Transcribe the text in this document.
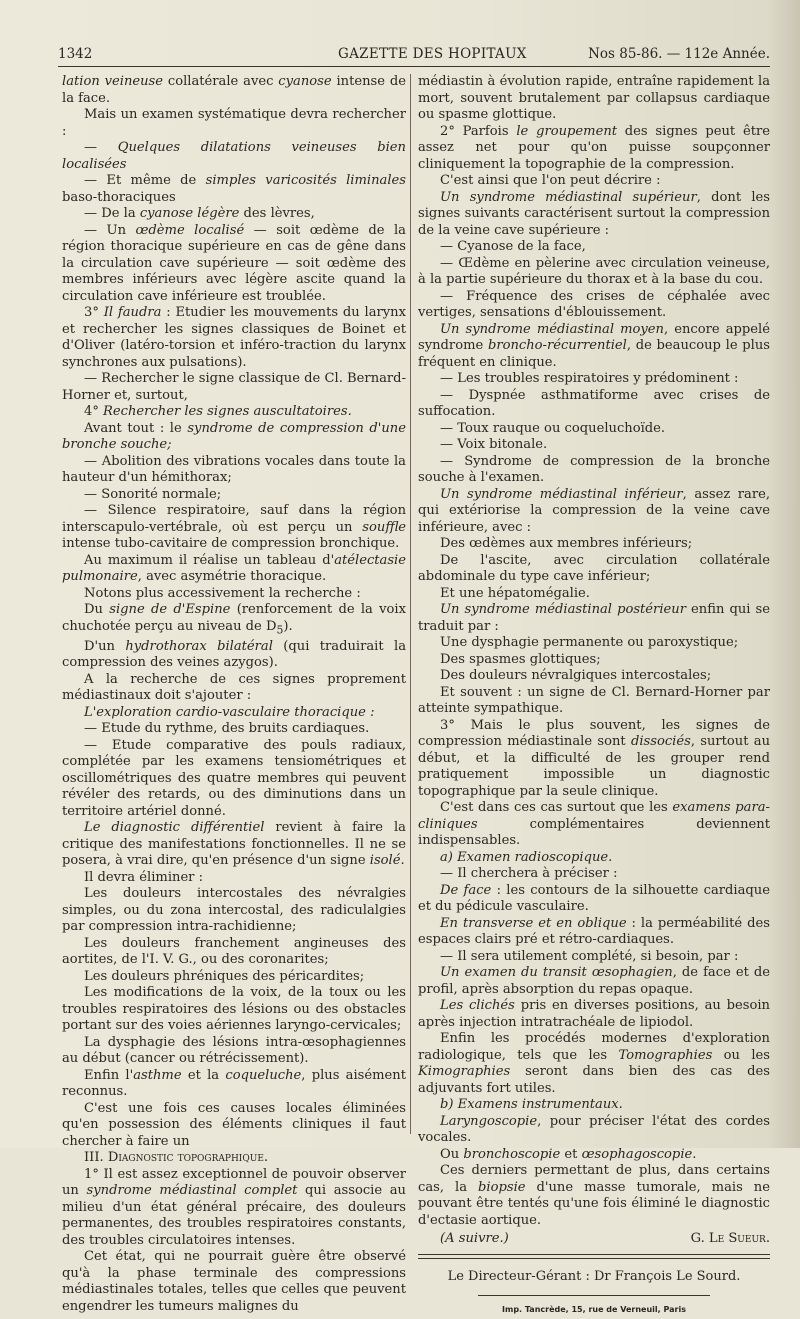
1342	GAZETTE DES HOPITAUX	Nos 85-86. — 112e Année.

lation veineuse collatérale avec cyanose intense de la face.

Mais un examen systématique devra rechercher :

— Quelques dilatations veineuses bien localisées

— Et même de simples varicosités liminales baso-thoraciques

— De la cyanose légère des lèvres,

— Un œdème localisé — soit œdème de la région thoracique supérieure en cas de gêne dans la circulation cave supérieure — soit œdème des membres inférieurs avec légère ascite quand la circulation cave inférieure est troublée.

3° Il faudra : Etudier les mouvements du larynx et rechercher les signes classiques de Boinet et d'Oliver (latéro-torsion et inféro-traction du larynx synchrones aux pulsations).

— Rechercher le signe classique de Cl. Bernard-Horner et, surtout,

4° Rechercher les signes auscultatoires.

Avant tout : le syndrome de compression d'une bronche souche;

— Abolition des vibrations vocales dans toute la hauteur d'un hémithorax;

— Sonorité normale;

— Silence respiratoire, sauf dans la région interscapulo-vertébrale, où est perçu un souffle intense tubo-cavitaire de compression bronchique.

Au maximum il réalise un tableau d'atélectasie pulmonaire, avec asymétrie thoracique.

Notons plus accessivement la recherche :

Du signe de d'Espine (renforcement de la voix chuchotée perçu au niveau de $D_5$).

D'un hydrothorax bilatéral (qui traduirait la compression des veines azygos).

A la recherche de ces signes proprement médiastinaux doit s'ajouter :

L'exploration cardio-vasculaire thoracique :

— Etude du rythme, des bruits cardiaques.

— Etude comparative des pouls radiaux, complétée par les examens tensiométriques et oscillométriques des quatre membres qui peuvent révéler des retards, ou des diminutions dans un territoire artériel donné.

Le diagnostic différentiel revient à faire la critique des manifestations fonctionnelles. Il ne se posera, à vrai dire, qu'en présence d'un signe isolé.

Il devra éliminer :

Les douleurs intercostales des névralgies simples, ou du zona intercostal, des radiculalgies par compression intra-rachidienne;

Les douleurs franchement angineuses des aortites, de l'I. V. G., ou des coronarites;

Les douleurs phréniques des péricardites;

Les modifications de la voix, de la toux ou les troubles respiratoires des lésions ou des obstacles portant sur des voies aériennes laryngo-cervicales;

La dysphagie des lésions intra-œsophagiennes au début (cancer ou rétrécissement).

Enfin l'asthme et la coqueluche, plus aisément reconnus.

C'est une fois ces causes locales éliminées qu'en possession des éléments cliniques il faut chercher à faire un

III. Diagnostic topographique.

1° Il est assez exceptionnel de pouvoir observer un syndrome médiastinal complet qui associe au milieu d'un état général précaire, des douleurs permanentes, des troubles respiratoires constants, des troubles circulatoires intenses.

Cet état, qui ne pourrait guère être observé qu'à la phase terminale des compressions médiastinales totales, telles que celles que peuvent engendrer les tumeurs malignes du

médiastin à évolution rapide, entraîne rapidement la mort, souvent brutalement par collapsus cardiaque ou spasme glottique.

2° Parfois le groupement des signes peut être assez net pour qu'on puisse soupçonner cliniquement la topographie de la compression.

C'est ainsi que l'on peut décrire :

Un syndrome médiastinal supérieur, dont les signes suivants caractérisent surtout la compression de la veine cave supérieure :

— Cyanose de la face,

— Œdème en pèlerine avec circulation veineuse, à la partie supérieure du thorax et à la base du cou.

— Fréquence des crises de céphalée avec vertiges, sensations d'éblouissement.

Un syndrome médiastinal moyen, encore appelé syndrome broncho-récurrentiel, de beaucoup le plus fréquent en clinique.

— Les troubles respiratoires y prédominent :

— Dyspnée asthmatiforme avec crises de suffocation.

— Toux rauque ou coqueluchoïde.

— Voix bitonale.

— Syndrome de compression de la bronche souche à l'examen.

Un syndrome médiastinal inférieur, assez rare, qui extériorise la compression de la veine cave inférieure, avec :

Des œdèmes aux membres inférieurs;

De l'ascite, avec circulation collatérale abdominale du type cave inférieur;

Et une hépatomégalie.

Un syndrome médiastinal postérieur enfin qui se traduit par :

Une dysphagie permanente ou paroxystique;

Des spasmes glottiques;

Des douleurs névralgiques intercostales;

Et souvent : un signe de Cl. Bernard-Horner par atteinte sympathique.

3° Mais le plus souvent, les signes de compression médiastinale sont dissociés, surtout au début, et la difficulté de les grouper rend pratiquement impossible un diagnostic topographique par la seule clinique.

C'est dans ces cas surtout que les examens para-cliniques complémentaires deviennent indispensables.

a) Examen radioscopique.

— Il cherchera à préciser :

De face : les contours de la silhouette cardiaque et du pédicule vasculaire.

En transverse et en oblique : la perméabilité des espaces clairs pré et rétro-cardiaques.

— Il sera utilement complété, si besoin, par :

Un examen du transit œsophagien, de face et de profil, après absorption du repas opaque.

Les clichés pris en diverses positions, au besoin après injection intratrachéale de lipiodol.

Enfin les procédés modernes d'exploration radiologique, tels que les Tomographies ou les Kimographies seront dans bien des cas des adjuvants fort utiles.

b) Examens instrumentaux.

Laryngoscopie, pour préciser l'état des cordes vocales.

Ou bronchoscopie et œsophagoscopie.

Ces derniers permettant de plus, dans certains cas, la biopsie d'une masse tumorale, mais ne pouvant être tentés qu'une fois éliminé le diagnostic d'ectasie aortique.

(A suivre.)	G. Le Sueur.
Le Directeur-Gérant : Dr François Le Sourd.
Imp. Tancrède, 15, rue de Verneuil, Paris
